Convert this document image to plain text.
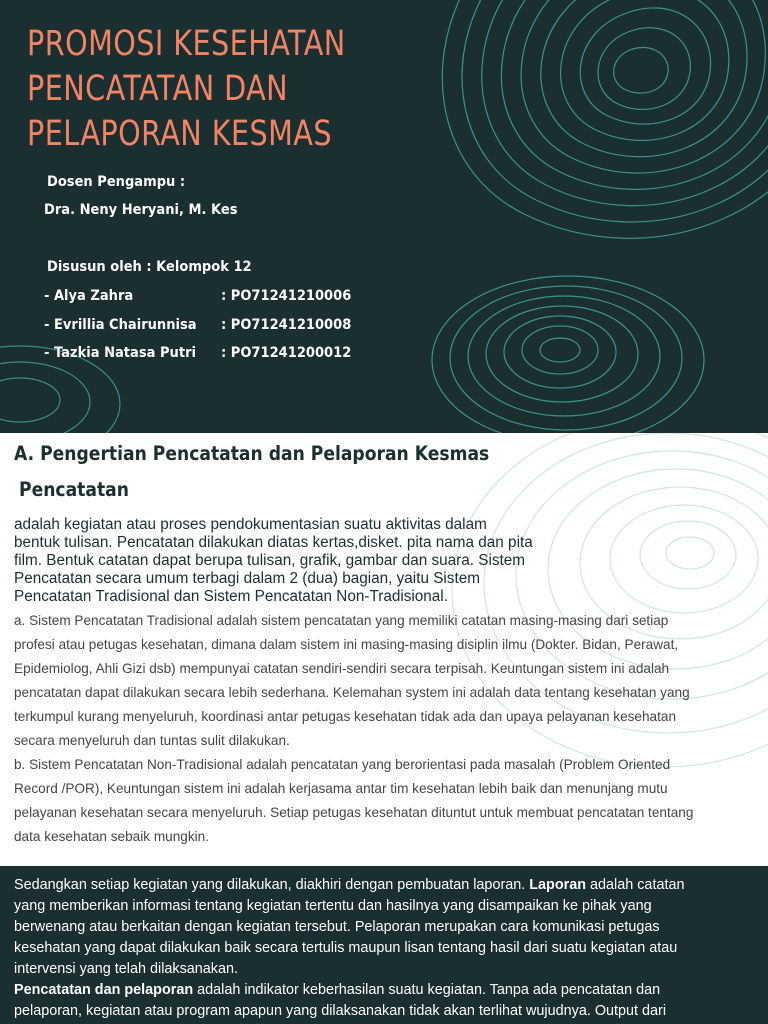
PROMOSI KESEHATAN
PENCATATAN DAN
PELAPORAN KESMAS
Dosen Pengampu :
Dra. Neny Heryani, M. Kes
Disusun oleh : Kelompok 12
- Alya Zahra	: PO71241210006
- Evrillia Chairunnisa : PO71241210008
- Tazkia Natasa Putri : PO71241200012
A. Pengertian Pencatatan dan Pelaporan Kesmas
Pencatatan
adalah kegiatan atau proses pendokumentasian suatu aktivitas dalam
bentuk tulisan. Pencatatan dilakukan diatas kertas,disket. pita nama dan pita
film. Bentuk catatan dapat berupa tulisan, grafik, gambar dan suara. Sistem
Pencatatan secara umum terbagi dalam 2 (dua) bagian, yaitu Sistem
Pencatatan Tradisional dan Sistem Pencatatan Non-Tradisional.
a. Sistem Pencatatan Tradisional adalah sistem pencatatan yang memiliki catatan masing-masing dari setiap
profesi atau petugas kesehatan, dimana dalam sistem ini masing-masing disiplin ilmu (Dokter. Bidan, Perawat,
Epidemiolog, Ahli Gizi dsb) mempunyai catatan sendiri-sendiri secara terpisah. Keuntungan sistem ini adalah
pencatatan dapat dilakukan secara lebih sederhana. Kelemahan system ini adalah data tentang kesehatan yang
terkumpul kurang menyeluruh, koordinasi antar petugas kesehatan tidak ada dan upaya pelayanan kesehatan
secara menyeluruh dan tuntas sulit dilakukan.
b. Sistem Pencatatan Non-Tradisional adalah pencatatan yang berorientasi pada masalah (Problem Oriented
Record /POR), Keuntungan sistem ini adalah kerjasama antar tim kesehatan lebih baik dan menunjang mutu
pelayanan kesehatan secara menyeluruh. Setiap petugas kesehatan dituntut untuk membuat pencatatan tentang
data kesehatan sebaik mungkin.
Sedangkan setiap kegiatan yang dilakukan, diakhiri dengan pembuatan laporan. Laporan adalah catatan
yang memberikan informasi tentang kegiatan tertentu dan hasilnya yang disampaikan ke pihak yang
berwenang atau berkaitan dengan kegiatan tersebut. Pelaporan merupakan cara komunikasi petugas
kesehatan yang dapat dilakukan baik secara tertulis maupun lisan tentang hasil dari suatu kegiatan atau
intervensi yang telah dilaksanakan.
Pencatatan dan pelaporan adalah indikator keberhasilan suatu kegiatan. Tanpa ada pencatatan dan
pelaporan, kegiatan atau program apapun yang dilaksanakan tidak akan terlihat wujudnya. Output dari
